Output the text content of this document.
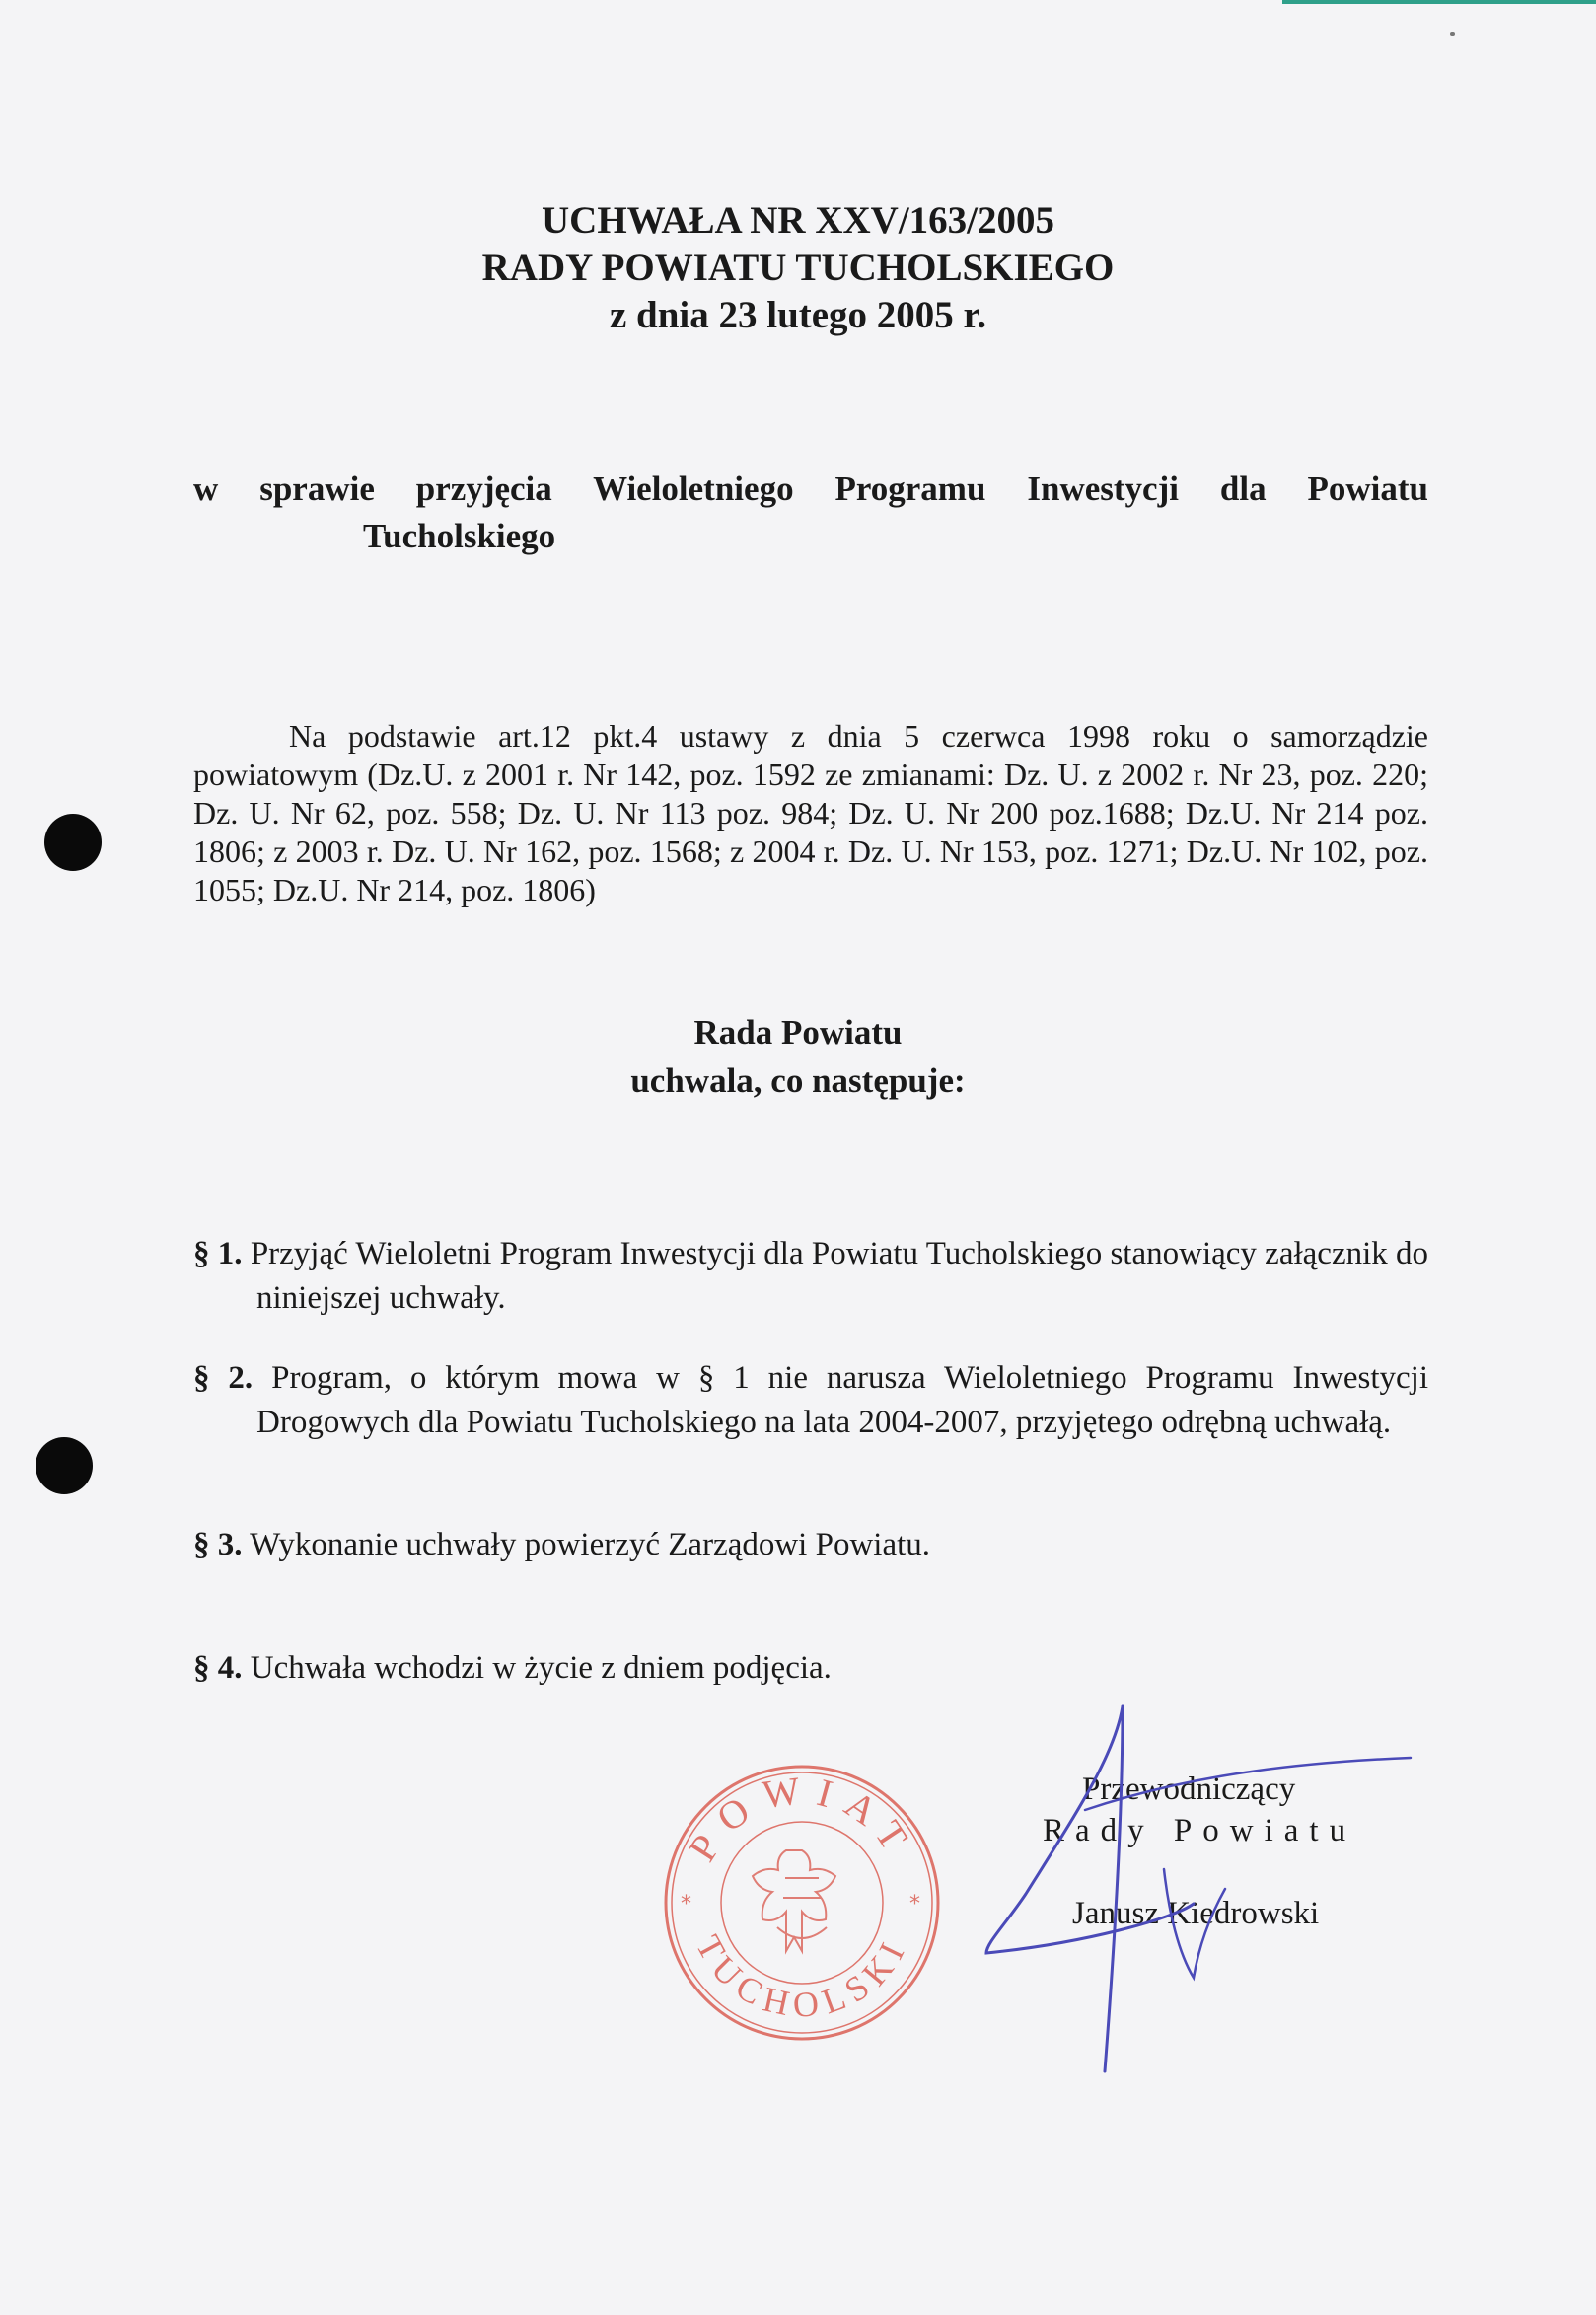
UCHWAŁA NR XXV/163/2005
RADY POWIATU TUCHOLSKIEGO
z dnia 23 lutego 2005 r.
w sprawie przyjęcia Wieloletniego Programu Inwestycji dla Powiatu
Tucholskiego
Na podstawie art.12 pkt.4 ustawy z dnia 5 czerwca 1998 roku o samorządzie powiatowym (Dz.U. z 2001 r. Nr 142, poz. 1592 ze zmianami: Dz. U. z 2002 r. Nr 23, poz. 220; Dz. U. Nr 62, poz. 558; Dz. U. Nr 113 poz. 984; Dz. U. Nr 200 poz.1688; Dz.U. Nr 214 poz. 1806; z 2003 r. Dz. U. Nr 162, poz. 1568; z 2004 r. Dz. U. Nr 153, poz. 1271; Dz.U. Nr 102, poz. 1055; Dz.U. Nr 214, poz. 1806)
Rada Powiatu
uchwala, co następuje:
§ 1. Przyjąć Wieloletni Program Inwestycji dla Powiatu Tucholskiego stanowiący załącznik do niniejszej uchwały.
§ 2. Program, o którym mowa w § 1 nie narusza Wieloletniego Programu Inwestycji Drogowych dla Powiatu Tucholskiego na lata 2004-2007, przyjętego odrębną uchwałą.
§ 3. Wykonanie uchwały powierzyć Zarządowi Powiatu.
§ 4. Uchwała wchodzi w życie z dniem podjęcia.
POWIAT
TUCHOLSKI
*	*
Przewodniczący
Rady Powiatu
Janusz Kiedrowski
